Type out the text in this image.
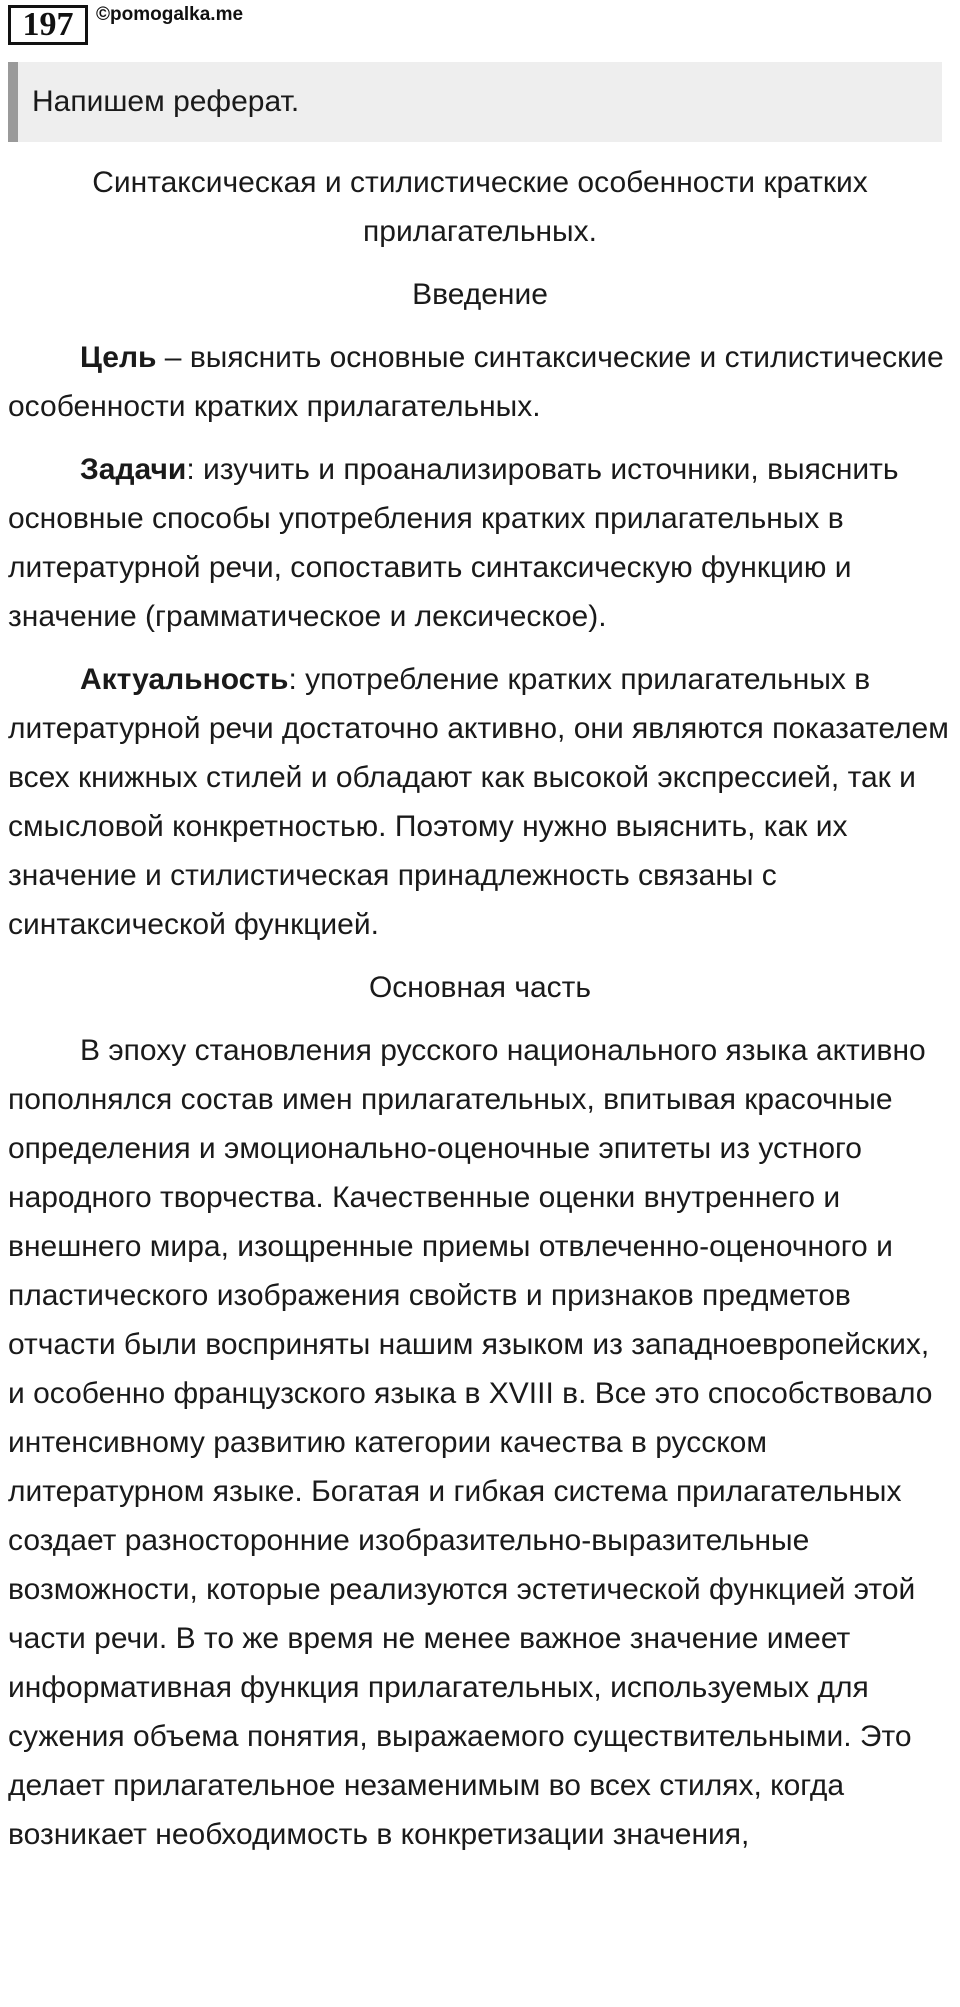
197	©pomogalka.me
Напишем реферат.

Синтаксическая и стилистические особенности кратких прилагательных.

Введение

Цель – выяснить основные синтаксические и стилистические особенности кратких прилагательных.

Задачи: изучить и проанализировать источники, выяснить основные способы употребления кратких прилагательных в литературной речи, сопоставить синтаксическую функцию и значение (грамматическое и лексическое).

Актуальность: употребление кратких прилагательных в литературной речи достаточно активно, они являются показателем всех книжных стилей и обладают как высокой экспрессией, так и смысловой конкретностью. Поэтому нужно выяснить, как их значение и стилистическая принадлежность связаны с синтаксической функцией.

Основная часть

В эпоху становления русского национального языка активно пополнялся состав имен прилагательных, впитывая красочные определения и эмоционально-оценочные эпитеты из устного народного творчества. Качественные оценки внутреннего и внешнего мира, изощренные приемы отвлеченно-оценочного и пластического изображения свойств и признаков предметов отчасти были восприняты нашим языком из западноевропейских, и особенно французского языка в XVIII в. Все это способствовало интенсивному развитию категории качества в русском литературном языке. Богатая и гибкая система прилагательных создает разносторонние изобразительно-выразительные возможности, которые реализуются эстетической функцией этой части речи. В то же время не менее важное значение имеет информативная функция прилагательных, используемых для сужения объема понятия, выражаемого существительными. Это делает прилагательное незаменимым во всех стилях, когда возникает необходимость в конкретизации значения,
